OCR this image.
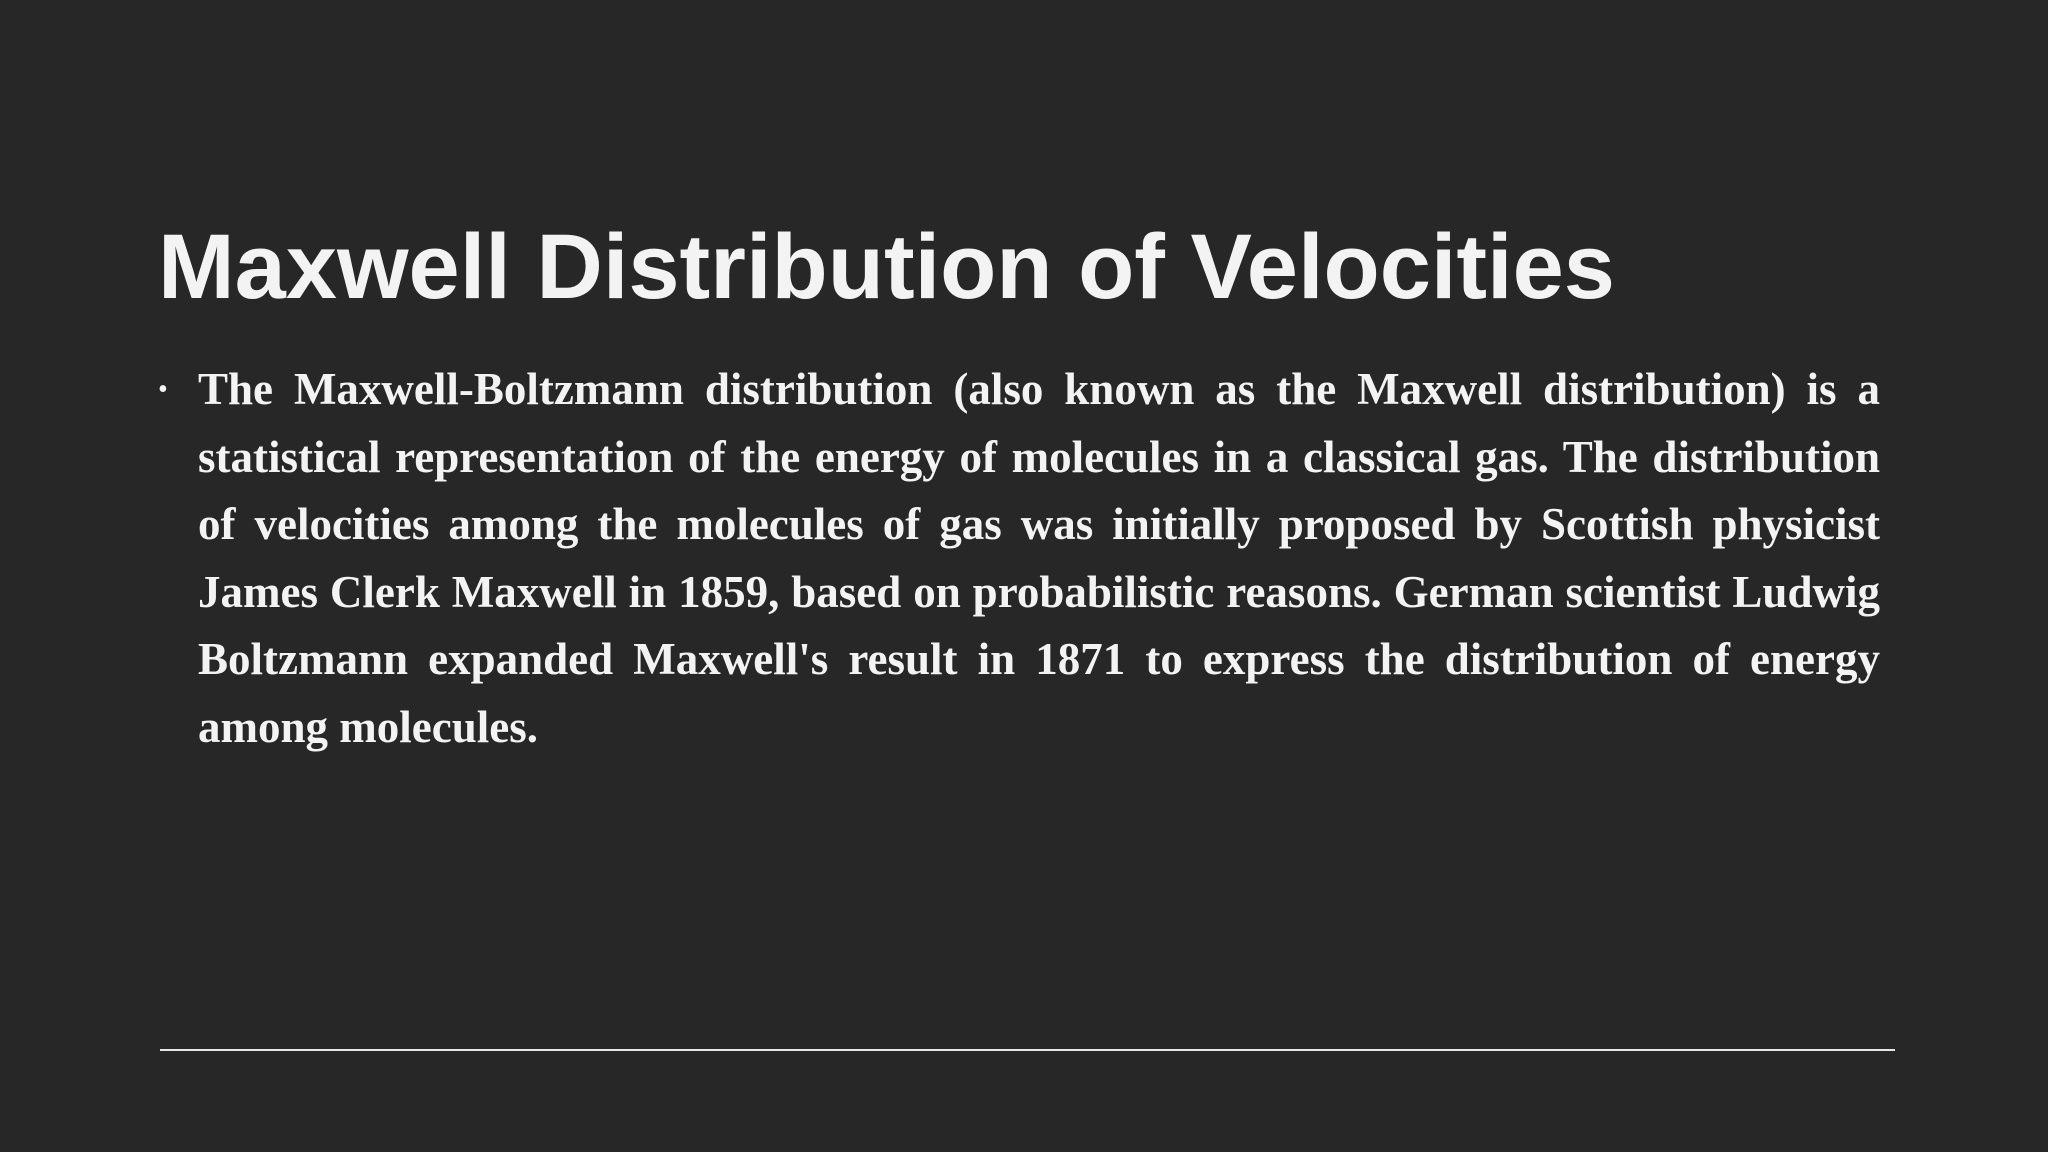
Maxwell Distribution of Velocities
• The Maxwell-Boltzmann distribution (also known as the Maxwell distribution) is a statistical representation of the energy of molecules in a classical gas. The distribution of velocities among the molecules of gas was initially proposed by Scottish physicist James Clerk Maxwell in 1859, based on probabilistic reasons. German scientist Ludwig Boltzmann expanded Maxwell's result in 1871 to express the distribution of energy among molecules.
